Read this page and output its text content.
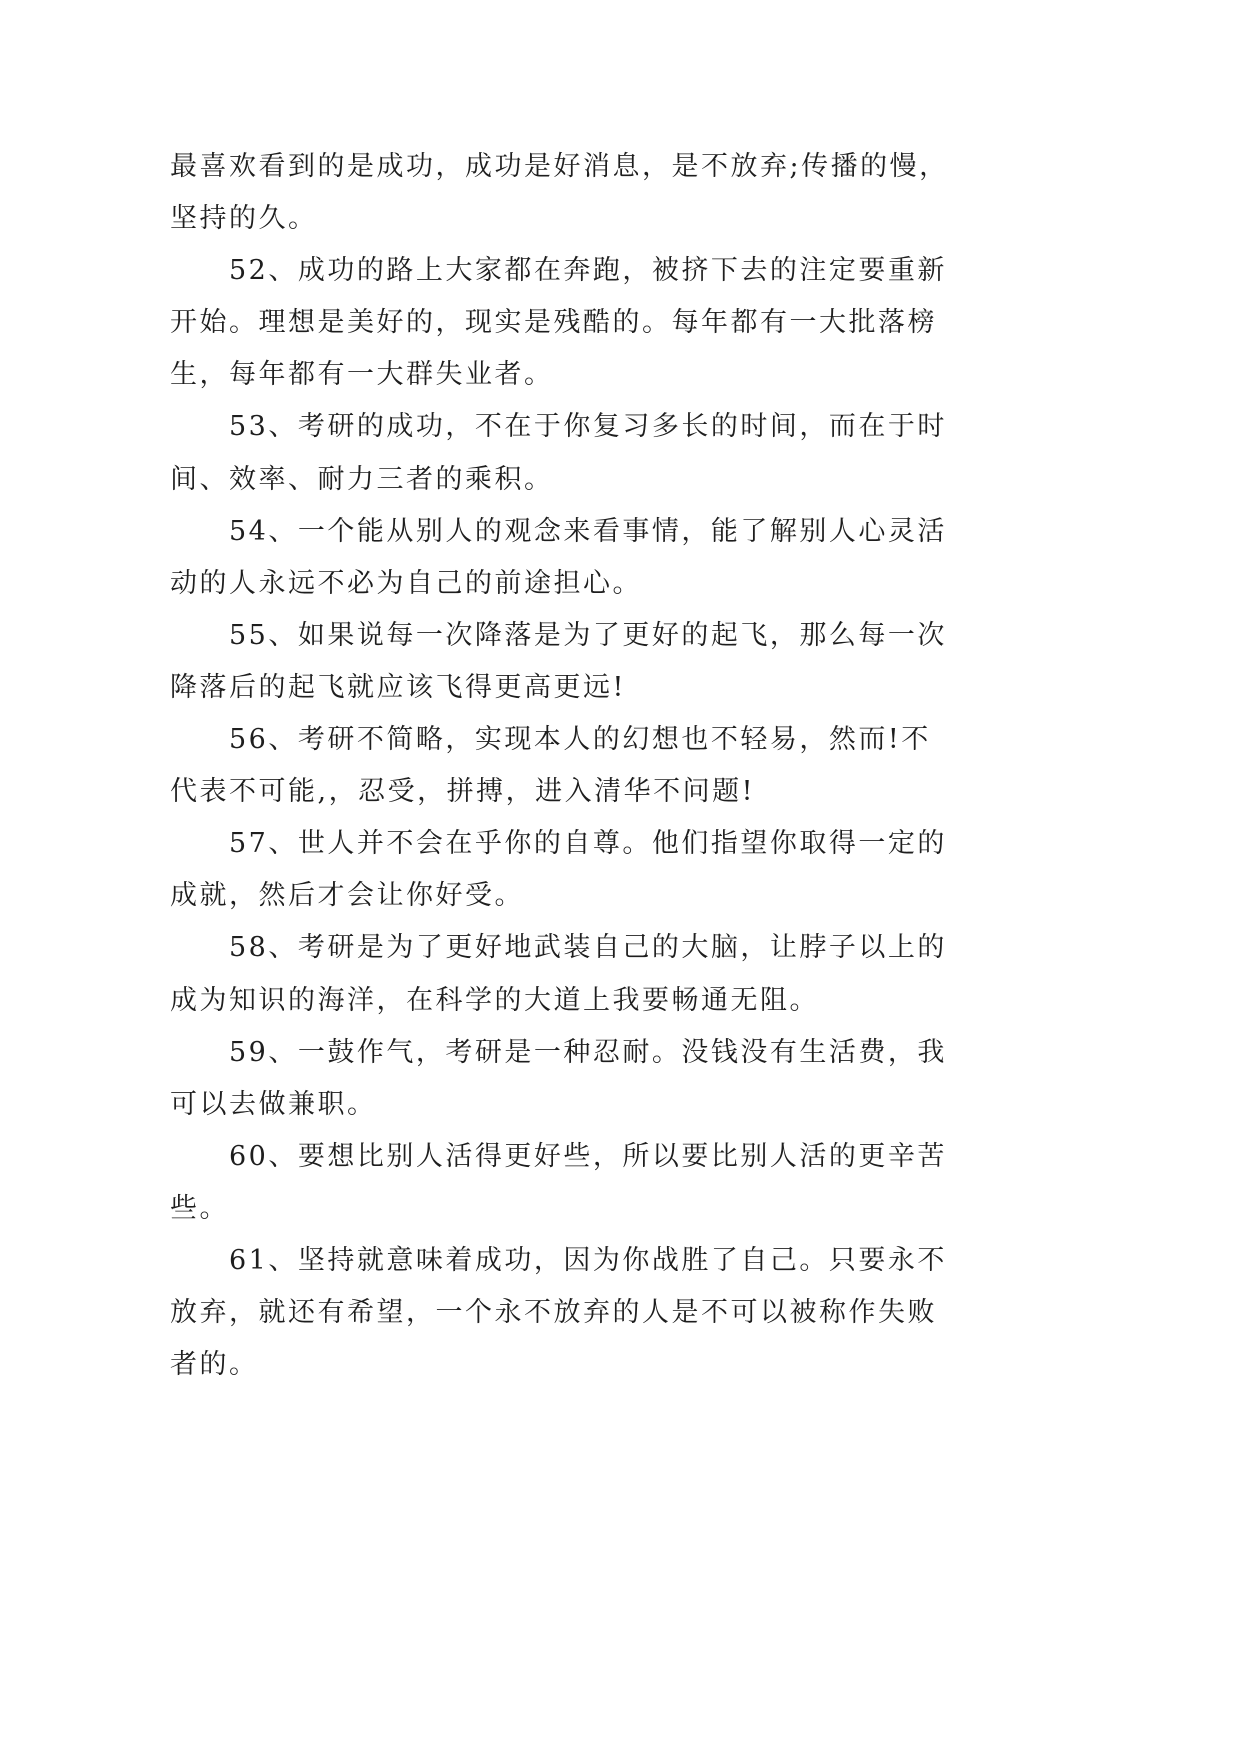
最喜欢看到的是成功，成功是好消息，是不放弃;传播的慢，
坚持的久。
52、成功的路上大家都在奔跑，被挤下去的注定要重新
开始。理想是美好的，现实是残酷的。每年都有一大批落榜
生，每年都有一大群失业者。
53、考研的成功，不在于你复习多长的时间，而在于时
间、效率、耐力三者的乘积。
54、一个能从别人的观念来看事情，能了解别人心灵活
动的人永远不必为自己的前途担心。
55、如果说每一次降落是为了更好的起飞，那么每一次
降落后的起飞就应该飞得更高更远!
56、考研不简略，实现本人的幻想也不轻易，然而!不
代表不可能,，忍受，拼搏，进入清华不问题!
57、世人并不会在乎你的自尊。他们指望你取得一定的
成就，然后才会让你好受。
58、考研是为了更好地武装自己的大脑，让脖子以上的
成为知识的海洋，在科学的大道上我要畅通无阻。
59、一鼓作气，考研是一种忍耐。没钱没有生活费，我
可以去做兼职。
60、要想比别人活得更好些，所以要比别人活的更辛苦
些。
61、坚持就意味着成功，因为你战胜了自己。只要永不
放弃，就还有希望，一个永不放弃的人是不可以被称作失败
者的。
